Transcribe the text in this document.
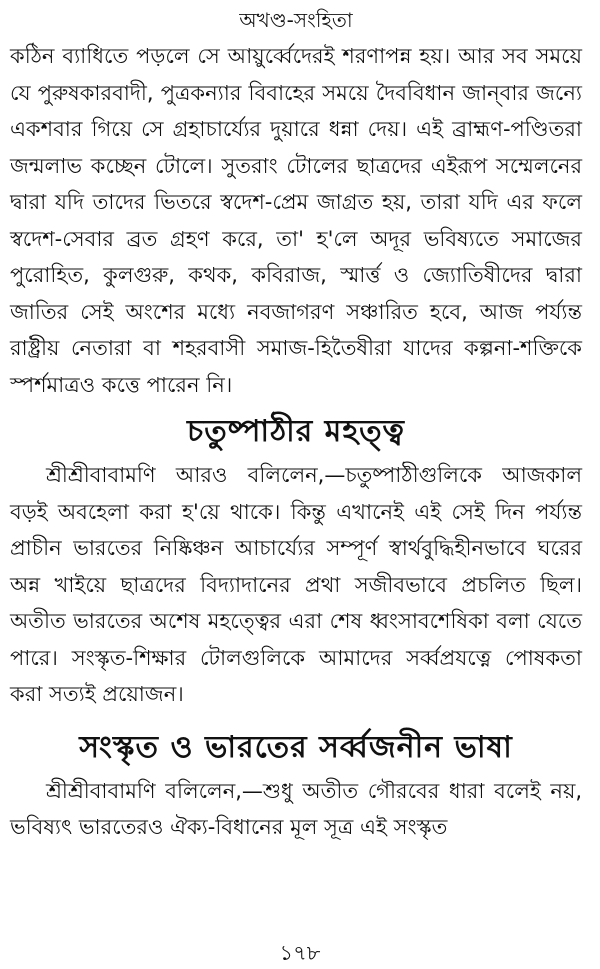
অখণ্ড-সংহিতা

কঠিন ব্যাধিতে পড়লে সে আয়ুর্ব্বেদেরই শরণাপন্ন হয়। আর সব সময়ে যে পুরুষকারবাদী, পুত্রকন্যার বিবাহের সময়ে দৈববিধান জান্‌বার জন্যে একশবার গিয়ে সে গ্রহাচার্য্যের দুয়ারে ধন্না দেয়। এই ব্রাহ্মণ-পণ্ডিতরা জন্মলাভ কচ্ছেন টোলে। সুতরাং টোলের ছাত্রদের এইরূপ সম্মেলনের দ্বারা যদি তাদের ভিতরে স্বদেশ-প্রেম জাগ্রত হয়, তারা যদি এর ফলে স্বদেশ-সেবার ব্রত গ্রহণ করে, তা' হ'লে অদূর ভবিষ্যতে সমাজের পুরোহিত, কুলগুরু, কথক, কবিরাজ, স্মার্ত্ত ও জ্যোতিষীদের দ্বারা জাতির সেই অংশের মধ্যে নবজাগরণ সঞ্চারিত হবে, আজ পর্য্যন্ত রাষ্ট্রীয় নেতারা বা শহরবাসী সমাজ-হিতৈষীরা যাদের কল্পনা-শক্তিকে স্পর্শমাত্রও কত্তে পারেন নি।

চতুষ্পাঠীর মহত্ত্ব

শ্রীশ্রীবাবামণি আরও বলিলেন,—চতুষ্পাঠীগুলিকে আজকাল বড়ই অবহেলা করা হ'য়ে থাকে। কিন্তু এখানেই এই সেই দিন পর্য্যন্ত প্রাচীন ভারতের নিষ্কিঞ্চন আচার্য্যের সম্পূর্ণ স্বার্থবুদ্ধিহীনভাবে ঘরের অন্ন খাইয়ে ছাত্রদের বিদ্যাদানের প্রথা সজীবভাবে প্রচলিত ছিল। অতীত ভারতের অশেষ মহত্ত্বের এরা শেষ ধ্বংসাবশেষিকা বলা যেতে পারে। সংস্কৃত-শিক্ষার টোলগুলিকে আমাদের সর্ব্বপ্রযত্নে পোষকতা করা সত্যই প্রয়োজন।

সংস্কৃত ও ভারতের সর্ব্বজনীন ভাষা

শ্রীশ্রীবাবামণি বলিলেন,—শুধু অতীত গৌরবের ধারা বলেই নয়, ভবিষ্যৎ ভারতেরও ঐক্য-বিধানের মূল সূত্র এই সংস্কৃত

১৭৮
